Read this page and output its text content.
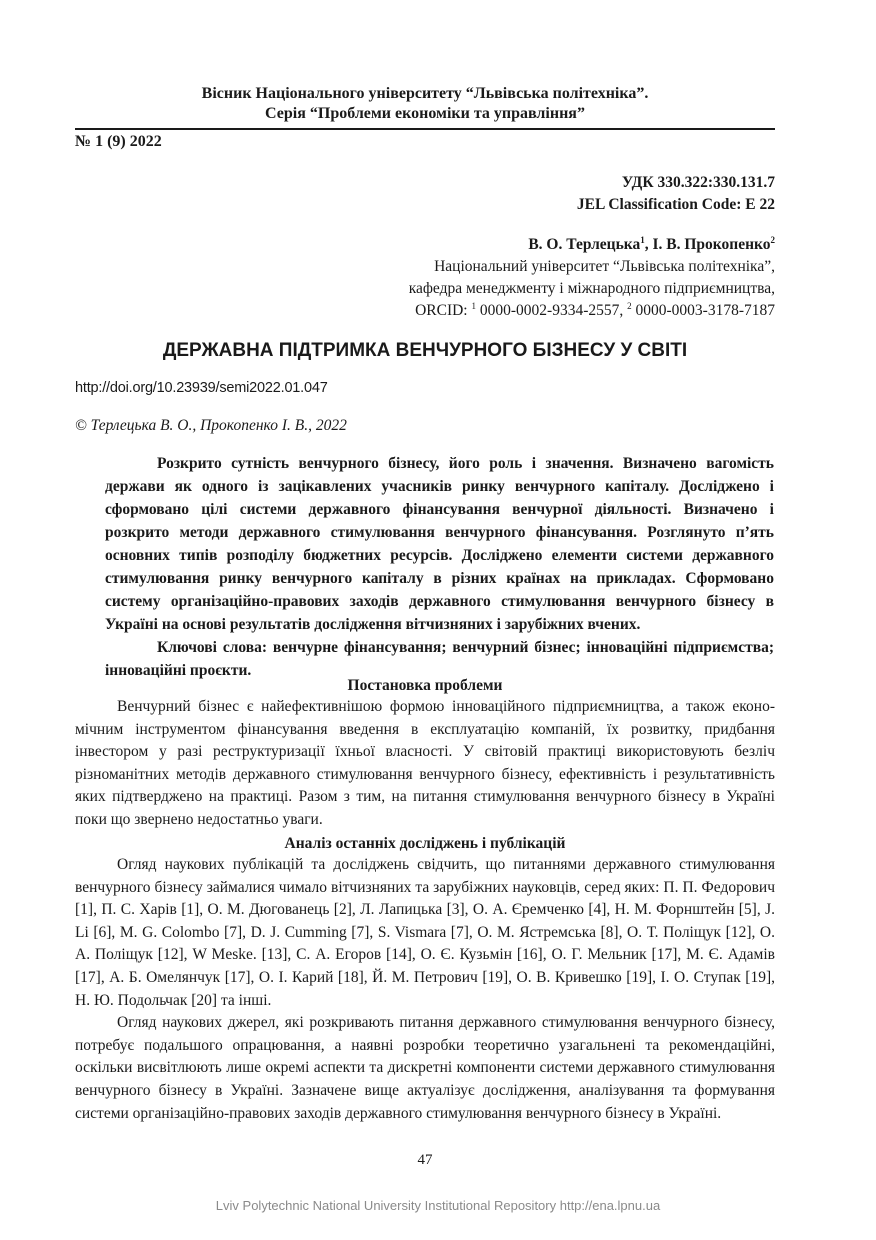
Вісник Національного університету “Львівська політехніка”.
Серія “Проблеми економіки та управління”
№ 1 (9) 2022
УДК 330.322:330.131.7
JEL Classification Code: E 22
В. О. Терлецька$^1$, І. В. Прокопенко$^2$
Національний університет “Львівська політехніка”,
кафедра менеджменту і міжнародного підприємництва,
ORCID: $^1$ 0000-0002-9334-2557, $^2$ 0000-0003-3178-7187
ДЕРЖАВНА ПІДТРИМКА ВЕНЧУРНОГО БІЗНЕСУ У СВІТІ
http://doi.org/10.23939/semi2022.01.047
© Терлецька В. О., Прокопенко І. В., 2022

Розкрито сутність венчурного бізнесу, його роль і значення. Визначено вагомість держави як одного із зацікавлених учасників ринку венчурного капіталу. Досліджено і сформовано цілі системи державного фінансування венчурної діяльності. Визначено і розкрито методи державного стимулювання венчурного фінансування. Розглянуто п’ять основних типів розподілу бюджетних ресурсів. Досліджено елементи системи державного стимулювання ринку венчурного капіталу в різних країнах на прикладах. Сформовано систему організаційно-правових заходів державного стимулювання венчурного бізнесу в Україні на основі результатів дослідження вітчизняних і зарубіжних вчених.

Ключові слова: венчурне фінансування; венчурний бізнес; інноваційні підприємства; інноваційні проєкти.

Постановка проблеми

Венчурний бізнес є найефективнішою формою інноваційного підприємництва, а також економічним інструментом фінансування введення в експлуатацію компаній, їх розвитку, придбання інвестором у разі реструктуризації їхньої власності. У світовій практиці використовують безліч різноманітних методів державного стимулювання венчурного бізнесу, ефективність і результативність яких підтверджено на практиці. Разом з тим, на питання стимулювання венчурного бізнесу в Україні поки що звернено недостатньо уваги.

Аналіз останніх досліджень і публікацій

Огляд наукових публікацій та досліджень свідчить, що питаннями державного стимулювання венчурного бізнесу займалися чимало вітчизняних та зарубіжних науковців, серед яких: П. П. Федорович [1], П. С. Харів [1], О. М. Дюгованець [2], Л. Лапицька [3], О. А. Єремченко [4], Н. М. Форнштейн [5], J. Li [6], M. G. Colombo [7], D. J. Cumming [7], S. Vismara [7], О. М. Ястремська [8], О. Т. Поліщук [12], О. А. Поліщук [12], W Meske. [13], С. А. Егоров [14], О. Є. Кузьмін [16], О. Г. Мельник [17], М. Є. Адамів [17], А. Б. Омелянчук [17], О. І. Карий [18], Й. М. Петрович [19], О. В. Кривешко [19], І. О. Ступак [19], Н. Ю. Подольчак [20] та інші.

Огляд наукових джерел, які розкривають питання державного стимулювання венчурного бізнесу, потребує подальшого опрацювання, а наявні розробки теоретично узагальнені та рекомендаційні, оскільки висвітлюють лише окремі аспекти та дискретні компоненти системи державного стимулювання венчурного бізнесу в Україні. Зазначене вище актуалізує дослідження, аналізування та формування системи організаційно-правових заходів державного стимулювання венчурного бізнесу в Україні.

47
Lviv Polytechnic National University Institutional Repository http://ena.lpnu.ua
